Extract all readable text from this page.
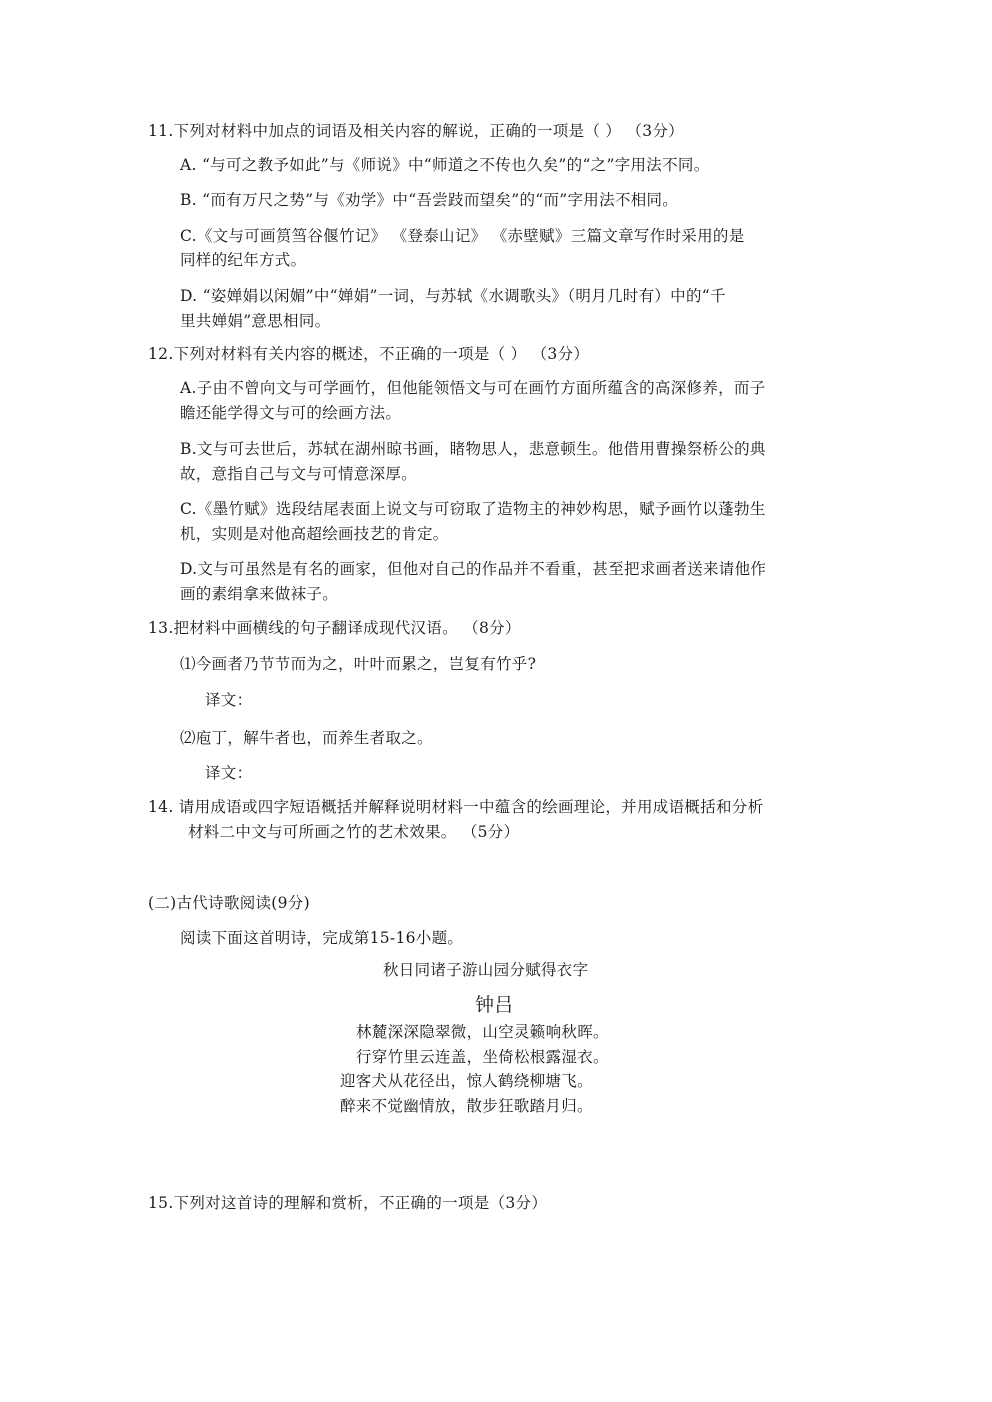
11.下列对材料中加点的词语及相关内容的解说，正确的一项是（ ） （3分）
A. “与可之教予如此”与《师说》中“师道之不传也久矣”的“之”字用法不同。
B. “而有万尺之势”与《劝学》中“吾尝跂而望矣”的“而”字用法不相同。
C.《文与可画筼筜谷偃竹记》 《登泰山记》 《赤壁赋》三篇文章写作时采用的是
同样的纪年方式。
D. “姿婵娟以闲媚”中“婵娟”一词，与苏轼《水调歌头》（明月几时有）中的“千
里共婵娟”意思相同。
12.下列对材料有关内容的概述，不正确的一项是（ ） （3分）
A.子由不曾向文与可学画竹，但他能领悟文与可在画竹方面所蕴含的高深修养，而子
瞻还能学得文与可的绘画方法。
B.文与可去世后，苏轼在湖州晾书画，睹物思人，悲意顿生。他借用曹操祭桥公的典
故，意指自己与文与可情意深厚。
C.《墨竹赋》选段结尾表面上说文与可窃取了造物主的神妙构思，赋予画竹以蓬勃生
机，实则是对他高超绘画技艺的肯定。
D.文与可虽然是有名的画家，但他对自己的作品并不看重，甚至把求画者送来请他作
画的素绢拿来做袜子。
13.把材料中画横线的句子翻译成现代汉语。 （8分）
⑴今画者乃节节而为之，叶叶而累之，岂复有竹乎?
译文：
⑵庖丁，解牛者也，而养生者取之。
译文：
14. 请用成语或四字短语概括并解释说明材料一中蕴含的绘画理论，并用成语概括和分析
材料二中文与可所画之竹的艺术效果。 （5分）
(二)古代诗歌阅读(9分)
阅读下面这首明诗，完成第15-16小题。
秋日同诸子游山园分赋得衣字
钟吕
林麓深深隐翠微，山空灵籁响秋晖。
行穿竹里云连盖，坐倚松根露湿衣。
迎客犬从花径出，惊人鹤绕柳塘飞。
醉来不觉幽情放，散步狂歌踏月归。
15.下列对这首诗的理解和赏析，不正确的一项是（3分）
